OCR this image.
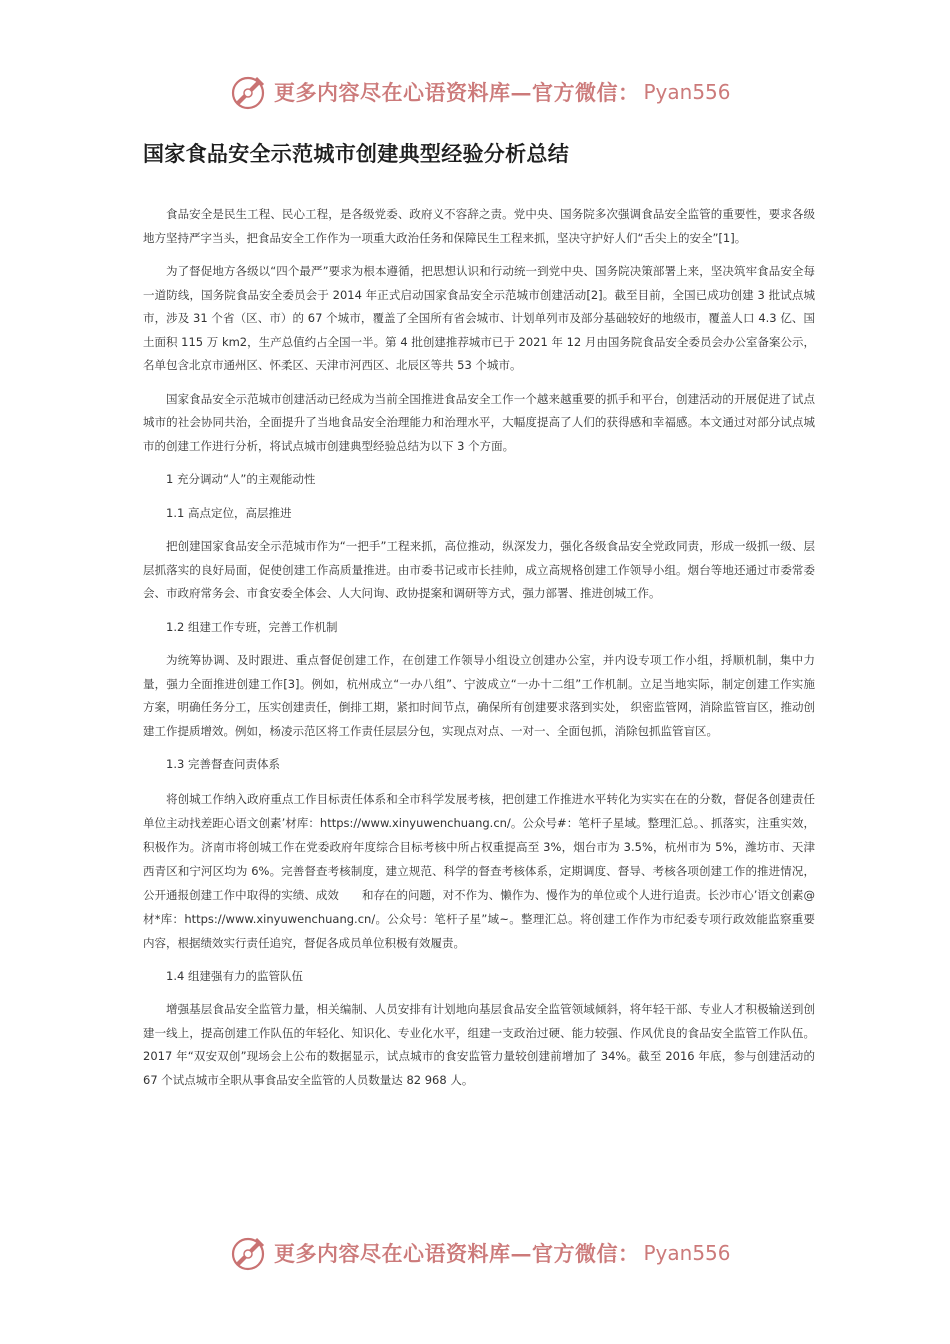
更多内容尽在心语资料库—官方微信： Pyan556
国家食品安全示范城市创建典型经验分析总结

食品安全是民生工程、民心工程，是各级党委、政府义不容辞之责。党中央、国务院多次强调食品安全监管的重要性，要求各级地方坚持严字当头，把食品安全工作作为一项重大政治任务和保障民生工程来抓，坚决守护好人们“舌尖上的安全”[1]。

为了督促地方各级以“四个最严”要求为根本遵循，把思想认识和行动统一到党中央、国务院决策部署上来，坚决筑牢食品安全每一道防线，国务院食品安全委员会于 2014 年正式启动国家食品安全示范城市创建活动[2]。截至目前，全国已成功创建 3 批试点城市，涉及 31 个省（区、市）的 67 个城市，覆盖了全国所有省会城市、计划单列市及部分基础较好的地级市，覆盖人口 4.3 亿、国土面积 115 万 km2，生产总值约占全国一半。第 4 批创建推荐城市已于 2021 年 12 月由国务院食品安全委员会办公室备案公示，名单包含北京市通州区、怀柔区、天津市河西区、北辰区等共 53 个城市。

国家食品安全示范城市创建活动已经成为当前全国推进食品安全工作一个越来越重要的抓手和平台，创建活动的开展促进了试点城市的社会协同共治，全面提升了当地食品安全治理能力和治理水平，大幅度提高了人们的获得感和幸福感。本文通过对部分试点城市的创建工作进行分析，将试点城市创建典型经验总结为以下 3 个方面。

1 充分调动“人”的主观能动性

1.1 高点定位，高层推进

把创建国家食品安全示范城市作为“一把手”工程来抓，高位推动，纵深发力，强化各级食品安全党政同责，形成一级抓一级、层层抓落实的良好局面，促使创建工作高质量推进。由市委书记或市长挂帅，成立高规格创建工作领导小组。烟台等地还通过市委常委会、市政府常务会、市食安委全体会、人大问询、政协提案和调研等方式，强力部署、推进创城工作。

1.2 组建工作专班，完善工作机制

为统筹协调、及时跟进、重点督促创建工作，在创建工作领导小组设立创建办公室，并内设专项工作小组，捋顺机制，集中力量，强力全面推进创建工作[3]。例如，杭州成立“一办八组”、宁波成立“一办十二组”工作机制。立足当地实际，制定创建工作实施方案，明确任务分工，压实创建责任，倒排工期，紧扣时间节点，确保所有创建要求落到实处， 织密监管网，消除监管盲区，推动创建工作提质增效。例如，杨凌示范区将工作责任层层分包，实现点对点、一对一、全面包抓，消除包抓监管盲区。

1.3 完善督查问责体系

将创城工作纳入政府重点工作目标责任体系和全市科学发展考核，把创建工作推进水平转化为实实在在的分数，督促各创建责任单位主动找差距心语文创素’材库：https://www.xinyuwenchuang.cn/。公众号#：笔杆子星域。整理汇总。、抓落实，注重实效，积极作为。济南市将创城工作在党委政府年度综合目标考核中所占权重提高至 3%，烟台市为 3.5%，杭州市为 5%，潍坊市、天津西青区和宁河区均为 6%。完善督查考核制度，建立规范、科学的督查考核体系，定期调度、督导、考核各项创建工作的推进情况，公开通报创建工作中取得的实绩、成效　　和存在的问题，对不作为、懒作为、慢作为的单位或个人进行追责。长沙市心’语文创素@材*库：https://www.xinyuwenchuang.cn/。公众号：笔杆子星”域~。整理汇总。将创建工作作为市纪委专项行政效能监察重要内容，根据绩效实行责任追究，督促各成员单位积极有效履责。

1.4 组建强有力的监管队伍

增强基层食品安全监管力量，相关编制、人员安排有计划地向基层食品安全监管领域倾斜，将年轻干部、专业人才积极输送到创建一线上，提高创建工作队伍的年轻化、知识化、专业化水平，组建一支政治过硬、能力较强、作风优良的食品安全监管工作队伍。2017 年“双安双创”现场会上公布的数据显示，试点城市的食安监管力量较创建前增加了 34%。截至 2016 年底，参与创建活动的 67 个试点城市全职从事食品安全监管的人员数量达 82 968 人。

更多内容尽在心语资料库—官方微信： Pyan556
